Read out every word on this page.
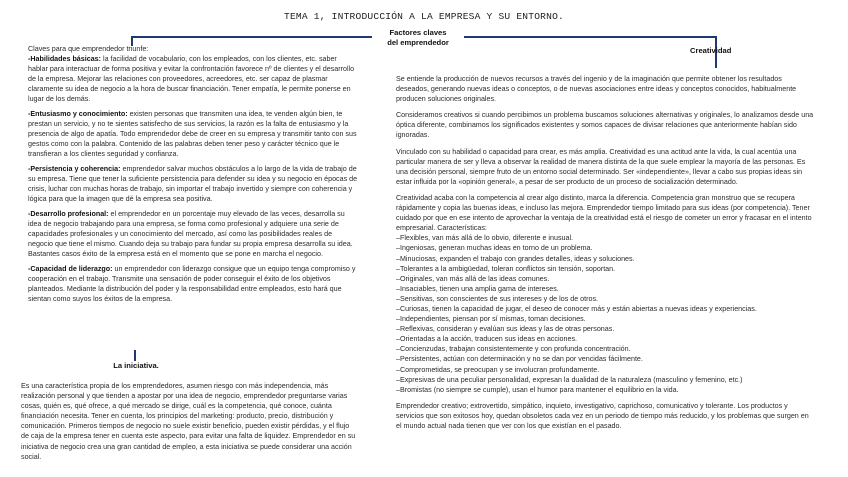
TEMA 1, INTRODUCCIÓN A LA EMPRESA Y SU ENTORNO.
Factores claves
del emprendedor
Creatividad
La iniciativa.

Claves para que emprendedor triunfe:

-Habilidades básicas: la facilidad de vocabulario, con los empleados, con los clientes, etc. saber hablar para interactuar de forma positiva y evitar la confrontación favorece nº de clientes y el desarrollo de la empresa. Mejorar las relaciones con proveedores, acreedores, etc. ser capaz de plasmar claramente su idea de negocio a la hora de buscar financiación. Tener empatía, le permite ponerse en lugar de los demás.

-Entusiasmo y conocimiento: existen personas que transmiten una idea, te venden algún bien, te prestan un servicio, y no te sientes satisfecho de sus servicios, la razón es la falta de entusiasmo y la presencia de algo de apatía. Todo emprendedor debe de creer en su empresa y transmitir tanto con sus gestos como con la palabra. Contenido de las palabras deben tener peso y carácter técnico que le transfieran a los clientes seguridad y confianza.

-Persistencia y coherencia: emprendedor salvar muchos obstáculos a lo largo de la vida de trabajo de su empresa. Tiene que tener la suficiente persistencia para defender su idea y su negocio en épocas de crisis, luchar con muchas horas de trabajo, sin importar el trabajo invertido y siempre con coherencia y lógica para que la imagen que dé la empresa sea positiva.

-Desarrollo profesional: el emprendedor en un porcentaje muy elevado de las veces, desarrolla su idea de negocio trabajando para una empresa, se forma como profesional y adquiere una serie de capacidades profesionales y un conocimiento del mercado, así como las posibilidades reales de negocio que tiene el mismo. Cuando deja su trabajo para fundar su propia empresa desarrolla su idea. Bastantes casos éxito de la empresa está en el momento que se pone en marcha el negocio.

-Capacidad de liderazgo: un emprendedor con liderazgo consigue que un equipo tenga compromiso y cooperación en el trabajo. Transmite una sensación de poder conseguir el éxito de los objetivos planteados. Mediante la distribución del poder y la responsabilidad entre empleados, esto hará que sientan como suyos los éxitos de la empresa.

Es una característica propia de los emprendedores, asumen riesgo con más independencia, más realización personal y que tienden a apostar por una idea de negocio, emprendedor preguntarse varias cosas, quién es, qué ofrece, a qué mercado se dirige, cuál es la competencia, qué conoce, cuánta financiación necesita. Tener en cuenta, los principios del marketing: producto, precio, distribución y comunicación. Primeros tiempos de negocio no suele existir beneficio, pueden existir pérdidas, y el flujo de caja de la empresa tener en cuenta este aspecto, para evitar una falta de liquidez. Emprendedor en su iniciativa de negocio crea una gran cantidad de empleo, a esta iniciativa se puede considerar una acción social.

Se entiende la producción de nuevos recursos a través del ingenio y de la imaginación que permite obtener los resultados deseados, generando nuevas ideas o conceptos, o de nuevas asociaciones entre ideas y conceptos conocidos, habitualmente producen soluciones originales.

Consideramos creativos si cuando percibimos un problema buscamos soluciones alternativas y originales, lo analizamos desde una óptica diferente, combinamos los significados existentes y somos capaces de divisar relaciones que anteriormente habían sido ignoradas.

Vinculado con su habilidad o capacidad para crear, es más amplia. Creatividad es una actitud ante la vida, la cual acentúa una particular manera de ser y lleva a observar la realidad de manera distinta de la que suele emplear la mayoría de las personas. Es una decisión personal, siempre fruto de un entorno social determinado. Ser «independiente», llevar a cabo sus propias ideas sin estar influida por la «opinión general», a pesar de ser producto de un proceso de socialización determinado.

Creatividad acaba con la competencia al crear algo distinto, marca la diferencia. Competencia gran monstruo que se recupera rápidamente y copia las buenas ideas, e incluso las mejora. Emprendedor tiempo limitado para sus ideas (por competencia). Tener cuidado por que en ese intento de aprovechar la ventaja de la creatividad está el riesgo de cometer un error y fracasar en el intento empresarial. Características:

–Flexibles, van más allá de lo obvio, diferente e inusual.
–Ingeniosas, generan muchas ideas en torno de un problema.
–Minuciosas, expanden el trabajo con grandes detalles, ideas y soluciones.
–Tolerantes a la ambigüedad, toleran conflictos sin tensión, soportan.
–Originales, van más allá de las ideas comunes.
–Insaciables, tienen una amplia gama de intereses.
–Sensitivas, son conscientes de sus intereses y de los de otros.
–Curiosas, tienen la capacidad de jugar, el deseo de conocer más y están abiertas a nuevas ideas y experiencias.
–Independientes, piensan por sí mismas, toman decisiones.
–Reflexivas, consideran y evalúan sus ideas y las de otras personas.
–Orientadas a la acción, traducen sus ideas en acciones.
–Concienzudas, trabajan consistentemente y con profunda concentración.
–Persistentes, actúan con determinación y no se dan por vencidas fácilmente.
–Comprometidas, se preocupan y se involucran profundamente.
–Expresivas de una peculiar personalidad, expresan la dualidad de la naturaleza (masculino y femenino, etc.)
–Bromistas (no siempre se cumple), usan el humor para mantener el equilibrio en la vida.

Emprendedor creativo; extrovertido, simpático, inquieto, investigativo, caprichoso, comunicativo y tolerante. Los productos y servicios que son exitosos hoy, quedan obsoletos cada vez en un periodo de tiempo más reducido, y los problemas que surgen en el mundo actual nada tienen que ver con los que existían en el pasado.
